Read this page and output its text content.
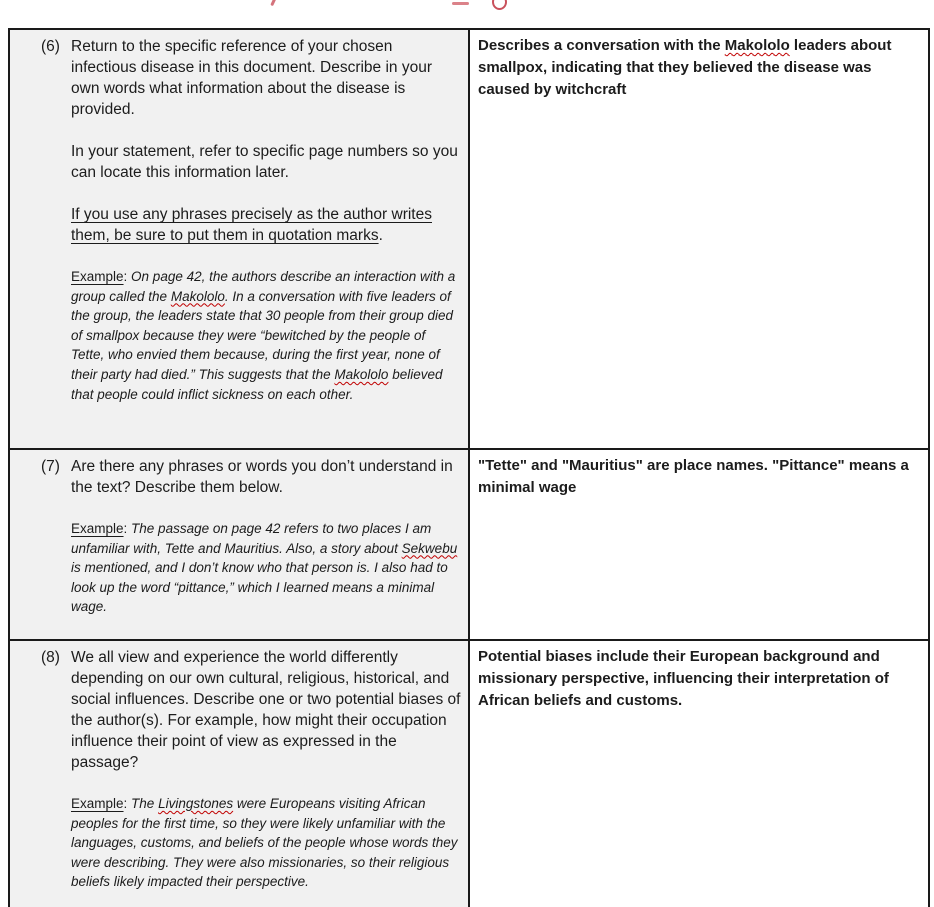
(6) Return to the specific reference of your chosen infectious disease in this document. Describe in your own words what information about the disease is provided.
In your statement, refer to specific page numbers so you can locate this information later.
If you use any phrases precisely as the author writes them, be sure to put them in quotation marks.
Example: On page 42, the authors describe an interaction with a group called the Makololo. In a conversation with five leaders of the group, the leaders state that 30 people from their group died of smallpox because they were “bewitched by the people of Tette, who envied them because, during the first year, none of their party had died.” This suggests that the Makololo believed that people could inflict sickness on each other.	Describes a conversation with the Makololo leaders about smallpox, indicating that they believed the disease was caused by witchcraft

(7) Are there any phrases or words you don’t understand in the text? Describe them below.
Example: The passage on page 42 refers to two places I am unfamiliar with, Tette and Mauritius. Also, a story about Sekwebu is mentioned, and I don’t know who that person is. I also had to look up the word “pittance,” which I learned means a minimal wage.	"Tette" and "Mauritius" are place names. "Pittance" means a minimal wage

(8) We all view and experience the world differently depending on our own cultural, religious, historical, and social influences. Describe one or two potential biases of the author(s). For example, how might their occupation influence their point of view as expressed in the passage?
Example: The Livingstones were Europeans visiting African peoples for the first time, so they were likely unfamiliar with the languages, customs, and beliefs of the people whose words they were describing. They were also missionaries, so their religious beliefs likely impacted their perspective.	Potential biases include their European background and missionary perspective, influencing their interpretation of African beliefs and customs.
